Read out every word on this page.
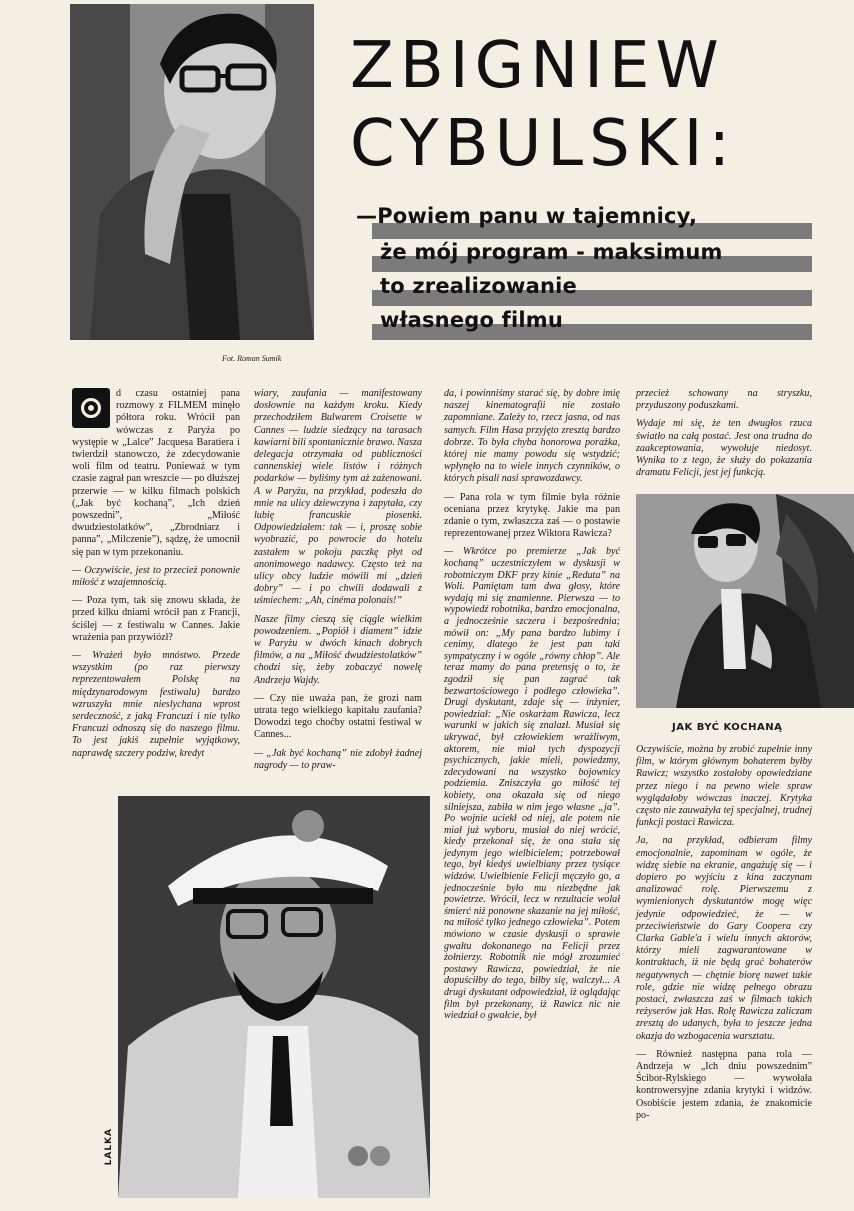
ZBIGNIEW
CYBULSKI:
—Powiem panu w tajemnicy,
że mój program - maksimum
to zrealizowanie
własnego filmu
Fot. Roman Sumik

d czasu ostatniej pana rozmowy z FILMEM minęło półtora roku. Wrócił pan wówczas z Paryża po występie w „Lalce” Jacquesa Baratiera i twierdził stanowczo, że zdecydowanie woli film od teatru. Ponieważ w tym czasie zagrał pan wreszcie — po dłuższej przerwie — w kilku filmach polskich („Jak być kochaną”, „Ich dzień powszedni”, „Miłość dwudziestolatków”, „Zbrodniarz i panna”, „Milczenie”), sądzę, że umocnił się pan w tym przekonaniu.

— Oczywiście, jest to przecież ponownie miłość z wzajemnością.

— Poza tym, tak się znowu składa, że przed kilku dniami wrócił pan z Francji, ściślej — z festiwalu w Cannes. Jakie wrażenia pan przywiózł?

— Wrażeń było mnóstwo. Przede wszystkim (po raz pierwszy reprezentowałem Polskę na międzynarodowym festiwalu) bardzo wzruszyła mnie nieslychana wprost serdeczność, z jaką Francuzi i nie tylko Francuzi odnoszą się do naszego filmu. To jest jakiś zupełnie wyjątkowy, naprawdę szczery podziw, kredyt

wiary, zaufania — manifestowany dosłownie na każdym kroku. Kiedy przechodziłem Bulwarem Croisette w Cannes — ludzie siedzący na tarasach kawiarni bili spontanicznie brawo. Nasza delegacja otrzymała od publiczności cannenskiej wiele listów i różnych podarków — byliśmy tym aż zażenowani. A w Paryżu, na przykład, podeszła do mnie na ulicy dziewczyna i zapytała, czy lubię francuskie piosenki. Odpowiedziałem: tak — i, proszę sobie wyobrazić, po powrocie do hotelu zastałem w pokoju paczkę płyt od anonimowego nadawcy. Często też na ulicy obcy ludzie mówili mi „dzień dobry” — i po chwili dodawali z uśmiechem: „Ah, cinéma polonais!”

Nasze filmy cieszą się ciągle wielkim powodzeniem. „Popiół i diament” idzie w Paryżu w dwóch kinach dobrych filmów, a na „Miłość dwudziestolatków” chodzi się, żeby zobaczyć nowelę Andrzeja Wajdy.

— Czy nie uważa pan, że grozi nam utrata tego wielkiego kapitału zaufania? Dowodzi tego choćby ostatni festiwal w Cannes...

— „Jak być kochaną” nie zdobył żadnej nagrody — to praw-

da, i powinniśmy starać się, by dobre imię naszej kinematografii nie zostało zapomniane. Zależy to, rzecz jasna, od nas samych. Film Hasa przyjęto zresztą bardzo dobrze. To była chyba honorowa porażka, której nie mamy powodu się wstydzić; wpłynęło na to wiele innych czynników, o których pisali nasi sprawozdawcy.

— Pana rola w tym filmie była różnie oceniana przez krytykę. Jakie ma pan zdanie o tym, zwłaszcza zaś — o postawie reprezentowanej przez Wiktora Rawicza?

— Wkrótce po premierze „Jak być kochaną” uczestniczyłem w dyskusji w robotniczym DKF przy kinie „Reduta” na Woli. Pamiętam tam dwa głosy, które wydają mi się znamienne. Pierwsza — to wypowiedź robotnika, bardzo emocjonalna, a jednocześnie szczera i bezpośrednia; mówił on: „My pana bardzo lubimy i cenimy, dlatego że jest pan taki sympatyczny i w ogóle „równy chłop”. Ale teraz mamy do pana pretensję o to, że zgodził się pan zagrać tak bezwartościowego i podłego człowieka”. Drugi dyskutant, zdaje się — inżynier, powiedział: „Nie oskarżam Rawicza, lecz warunki w jakich się znalazł. Musiał się ukrywać, był człowiekiem wrażliwym, aktorem, nie miał tych dyspozycji psychicznych, jakie mieli, powiedzmy, zdecydowani na wszystko bojownicy podziemia. Zniszczyła go miłość tej kobiety, ona okazała się od niego silniejsza, zabiła w nim jego własne „ja”. Po wojnie uciekł od niej, ale potem nie miał już wyboru, musiał do niej wrócić, kiedy przekonał się, że ona stała się jedynym jego wielbicielem; potrzebował tego, był kiedyś uwielbiany przez tysiące widzów. Uwielbienie Felicji męczyło go, a jednocześnie było mu niezbędne jak powietrze. Wrócił, lecz w rezultacie wolał śmierć niż ponowne skazanie na jej miłość, na miłość tylko jednego człowieka”. Potem mówiono w czasie dyskusji o sprawie gwałtu dokonanego na Felicji przez żołnierzy. Robotnik nie mógł zrozumieć postawy Rawicza, powiedział, że nie dopuściłby do tego, biłby się, walczył... A drugi dyskutant odpowiedział, iż oglądając film był przekonany, iż Rawicz nic nie wiedział o gwałcie, był

przecież schowany na stryszku, przyduszony poduszkami.

Wydaje mi się, że ten dwugłos rzuca światło na całą postać. Jest ona trudna do zaakceptowania, wywołuje niedosyt. Wynika to z tego, że służy do pokazania dramatu Felicji, jest jej funkcją.

JAK BYĆ KOCHANĄ

Oczywiście, można by zrobić zupełnie inny film, w którym głównym bohaterem byłby Rawicz; wszystko zostałoby opowiedziane przez niego i na pewno wiele spraw wyglądałoby wówczas inaczej. Krytyka często nie zauważyła tej specjalnej, trudnej funkcji postaci Rawicza.

Ja, na przykład, odbieram filmy emocjonalnie, zapominam w ogóle, że widzę siebie na ekranie, angażuję się — i dopiero po wyjściu z kina zaczynam analizować rolę. Pierwszemu z wymienionych dyskutantów mogę więc jedynie odpowiedzieć, że — w przeciwieństwie do Gary Coopera czy Clarka Gable'a i wielu innych aktorów, którzy mieli zagwarantowane w kontraktach, iż nie będą grać bohaterów negatywnych — chętnie biorę nawet takie role, gdzie nie widzę pełnego obrazu postaci, zwłaszcza zaś w filmach takich reżyserów jak Has. Rolę Rawicza zaliczam zresztą do udanych, była to jeszcze jedna okazja do wzbogacenia warsztatu.

— Również następna pana rola — Andrzeja w „Ich dniu powszednim” Ścibor-Rylskiego — wywołała kontrowersyjne zdania krytyki i widzów. Osobiście jestem zdania, że znakomicie po-

LALKA
